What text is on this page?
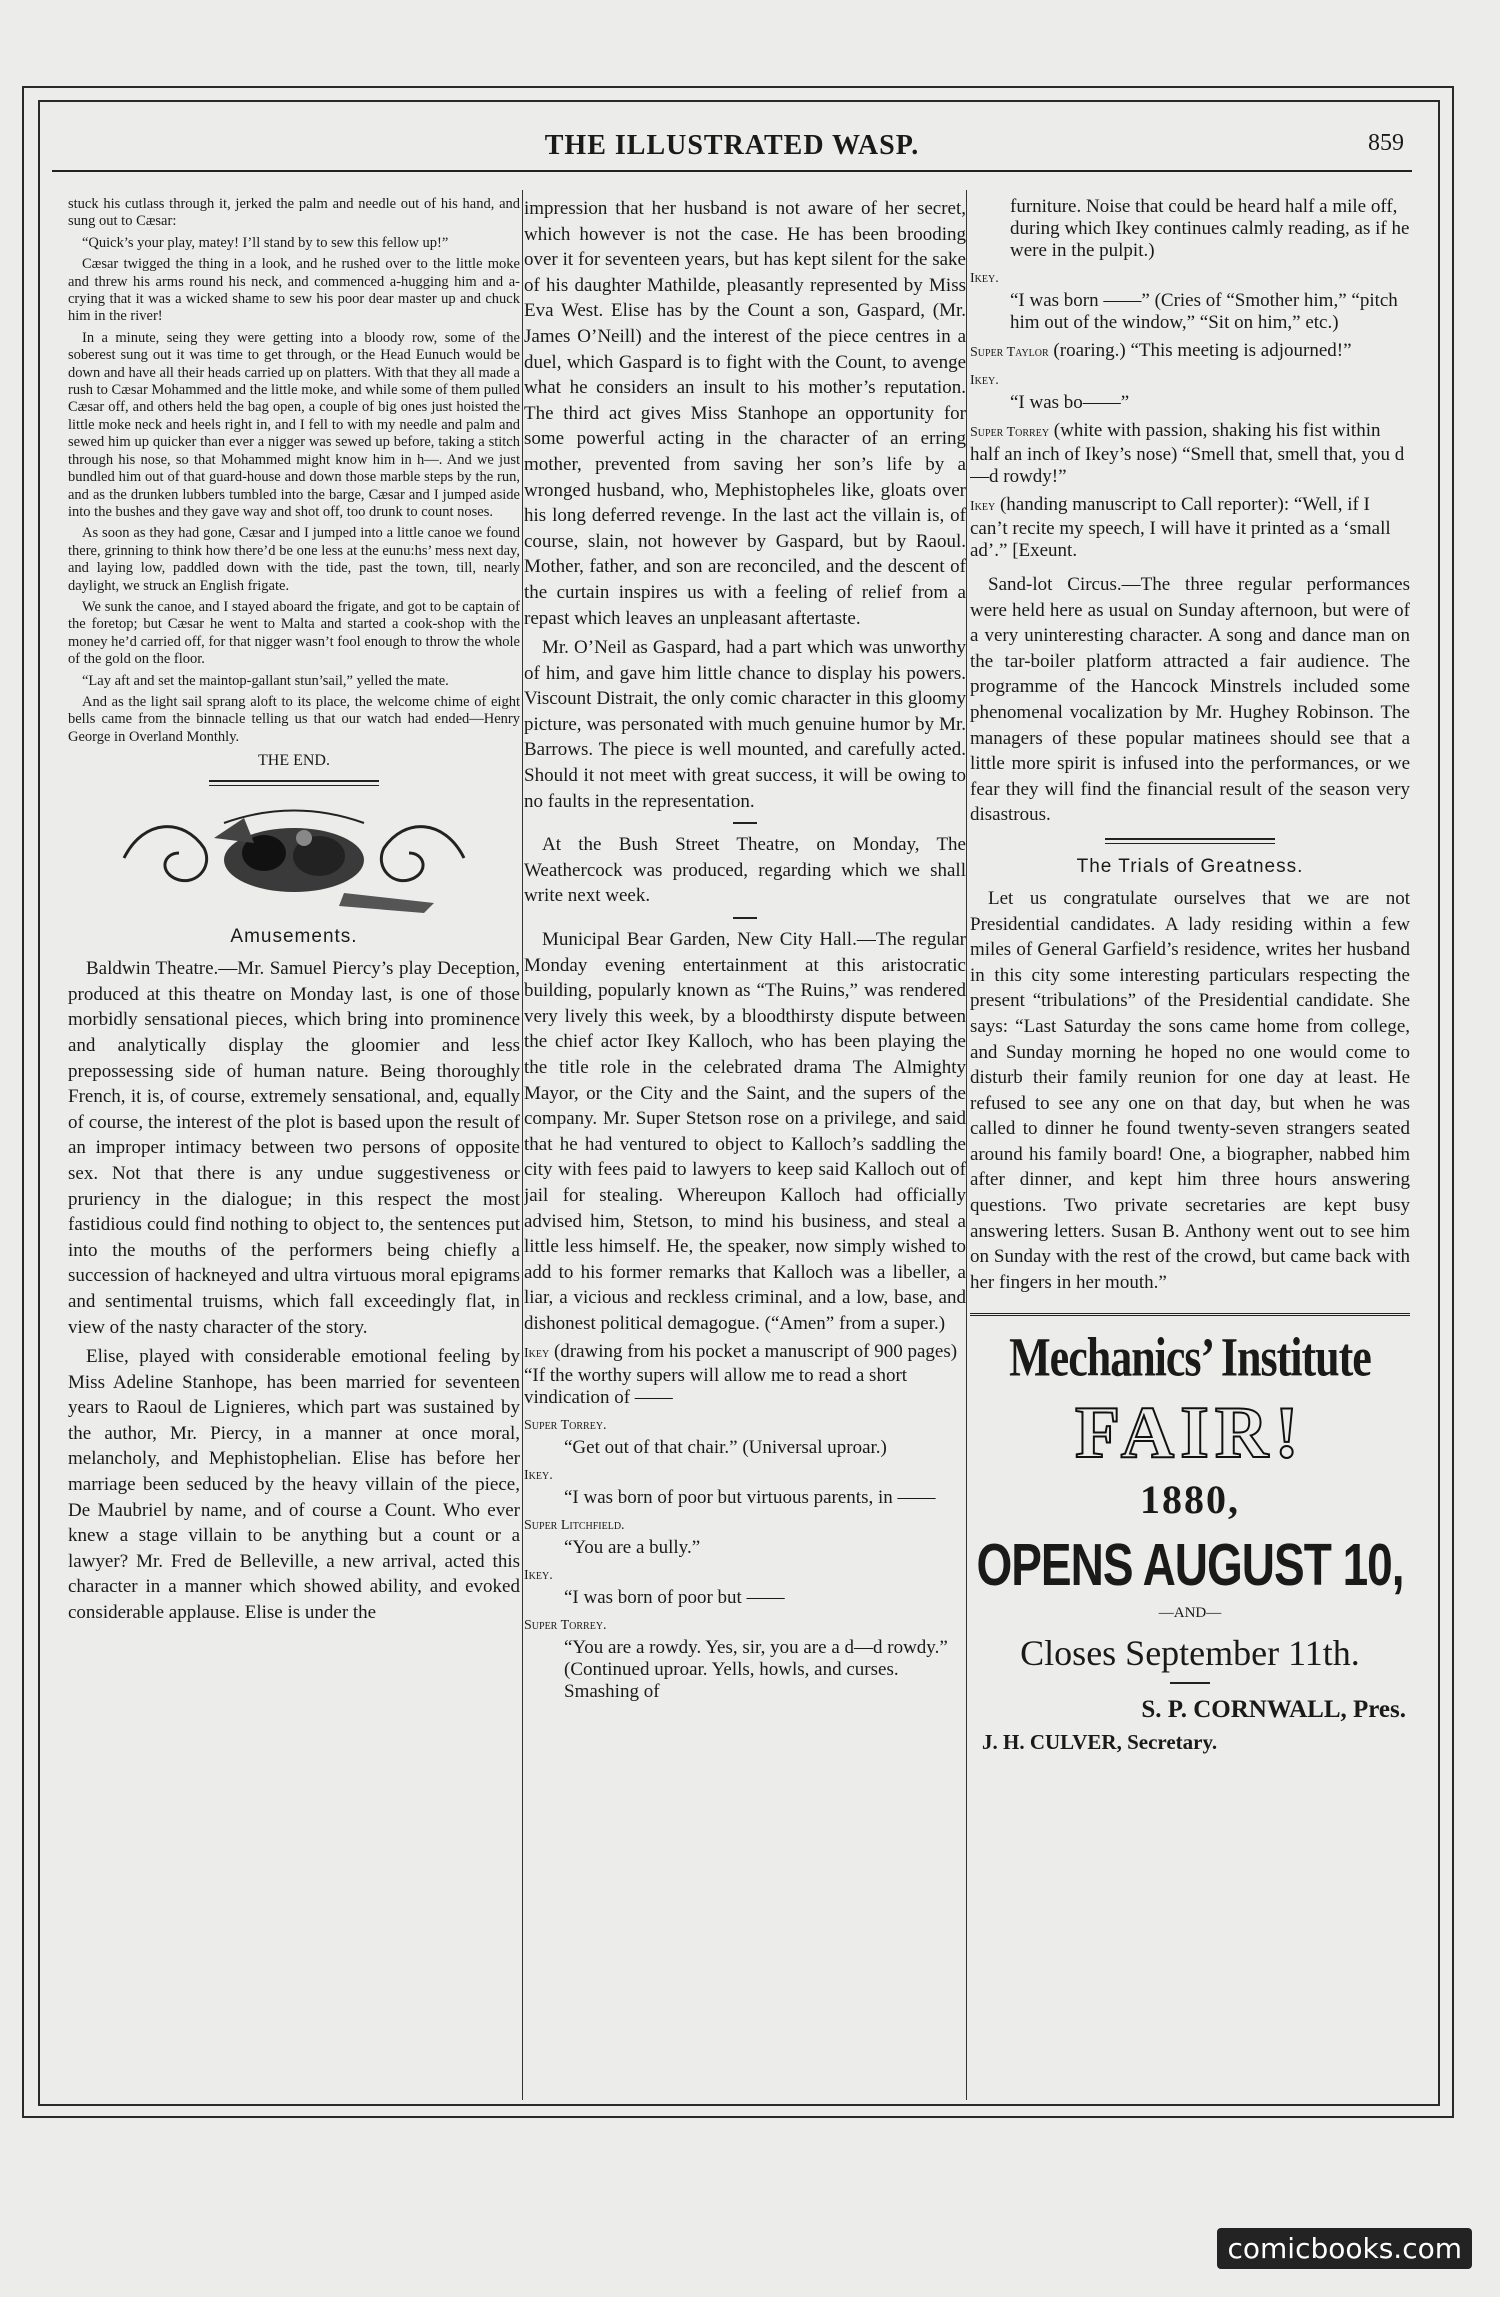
THE ILLUSTRATED WASP.	859

stuck his cutlass through it, jerked the palm and needle out of his hand, and sung out to Cæsar:

“Quick’s your play, matey! I’ll stand by to sew this fellow up!”

Cæsar twigged the thing in a look, and he rushed over to the little moke and threw his arms round his neck, and commenced a-hugging him and a-crying that it was a wicked shame to sew his poor dear master up and chuck him in the river!

In a minute, seing they were getting into a bloody row, some of the soberest sung out it was time to get through, or the Head Eunuch would be down and have all their heads carried up on platters. With that they all made a rush to Cæsar Mohammed and the little moke, and while some of them pulled Cæsar off, and others held the bag open, a couple of big ones just hoisted the little moke neck and heels right in, and I fell to with my needle and palm and sewed him up quicker than ever a nigger was sewed up before, taking a stitch through his nose, so that Mohammed might know him in h—. And we just bundled him out of that guard-house and down those marble steps by the run, and as the drunken lubbers tumbled into the barge, Cæsar and I jumped aside into the bushes and they gave way and shot off, too drunk to count noses.

As soon as they had gone, Cæsar and I jumped into a little canoe we found there, grinning to think how there’d be one less at the eunu:hs’ mess next day, and laying low, paddled down with the tide, past the town, till, nearly daylight, we struck an English frigate.

We sunk the canoe, and I stayed aboard the frigate, and got to be captain of the foretop; but Cæsar he went to Malta and started a cook-shop with the money he’d carried off, for that nigger wasn’t fool enough to throw the whole of the gold on the floor.

“Lay aft and set the maintop-gallant stun’sail,” yelled the mate.

And as the light sail sprang aloft to its place, the welcome chime of eight bells came from the binnacle telling us that our watch had ended—Henry George in Overland Monthly.

THE END.
Amusements.

Baldwin Theatre.—Mr. Samuel Piercy’s play Deception, produced at this theatre on Monday last, is one of those morbidly sensational pieces, which bring into prominence and analytically display the gloomier and less prepossessing side of human nature. Being thoroughly French, it is, of course, extremely sensational, and, equally of course, the interest of the plot is based upon the result of an improper intimacy between two persons of opposite sex. Not that there is any undue suggestiveness or pruriency in the dialogue; in this respect the most fastidious could find nothing to object to, the sentences put into the mouths of the performers being chiefly a succession of hackneyed and ultra virtuous moral epigrams and sentimental truisms, which fall exceedingly flat, in view of the nasty character of the story.

Elise, played with considerable emotional feeling by Miss Adeline Stanhope, has been married for seventeen years to Raoul de Lignieres, which part was sustained by the author, Mr. Piercy, in a manner at once moral, melancholy, and Mephistophelian. Elise has before her marriage been seduced by the heavy villain of the piece, De Maubriel by name, and of course a Count. Who ever knew a stage villain to be anything but a count or a lawyer? Mr. Fred de Belleville, a new arrival, acted this character in a manner which showed ability, and evoked considerable applause. Elise is under the

impression that her husband is not aware of her secret, which however is not the case. He has been brooding over it for seventeen years, but has kept silent for the sake of his daughter Mathilde, pleasantly represented by Miss Eva West. Elise has by the Count a son, Gaspard, (Mr. James O’Neill) and the interest of the piece centres in a duel, which Gaspard is to fight with the Count, to avenge what he considers an insult to his mother’s reputation. The third act gives Miss Stanhope an opportunity for some powerful acting in the character of an erring mother, prevented from saving her son’s life by a wronged husband, who, Mephistopheles like, gloats over his long deferred revenge. In the last act the villain is, of course, slain, not however by Gaspard, but by Raoul. Mother, father, and son are reconciled, and the descent of the curtain inspires us with a feeling of relief from a repast which leaves an unpleasant aftertaste.

Mr. O’Neil as Gaspard, had a part which was unworthy of him, and gave him little chance to display his powers. Viscount Distrait, the only comic character in this gloomy picture, was personated with much genuine humor by Mr. Barrows. The piece is well mounted, and carefully acted. Should it not meet with great success, it will be owing to no faults in the representation.

At the Bush Street Theatre, on Monday, The Weathercock was produced, regarding which we shall write next week.

Municipal Bear Garden, New City Hall.—The regular Monday evening entertainment at this aristocratic building, popularly known as “The Ruins,” was rendered very lively this week, by a bloodthirsty dispute between the chief actor Ikey Kalloch, who has been playing the the title role in the celebrated drama The Almighty Mayor, or the City and the Saint, and the supers of the company. Mr. Super Stetson rose on a privilege, and said that he had ventured to object to Kalloch’s saddling the city with fees paid to lawyers to keep said Kalloch out of jail for stealing. Whereupon Kalloch had officially advised him, Stetson, to mind his business, and steal a little less himself. He, the speaker, now simply wished to add to his former remarks that Kalloch was a libeller, a liar, a vicious and reckless criminal, and a low, base, and dishonest political demagogue. (“Amen” from a super.)

Ikey (drawing from his pocket a manuscript of 900 pages) “If the worthy supers will allow me to read a short vindication of ——
Super Torrey.
“Get out of that chair.” (Universal uproar.)
Ikey.
“I was born of poor but virtuous parents, in ——
Super Litchfield.
“You are a bully.”
Ikey.
“I was born of poor but ——
Super Torrey.
“You are a rowdy. Yes, sir, you are a d—d rowdy.” (Continued uproar. Yells, howls, and curses. Smashing of
furniture. Noise that could be heard half a mile off, during which Ikey continues calmly reading, as if he were in the pulpit.)
Ikey.
“I was born ——” (Cries of “Smother him,” “pitch him out of the window,” “Sit on him,” etc.)
Super Taylor (roaring.) “This meeting is adjourned!”
Ikey.
“I was bo——”
Super Torrey (white with passion, shaking his fist within half an inch of Ikey’s nose) “Smell that, smell that, you d—d rowdy!”
Ikey (handing manuscript to Call reporter): “Well, if I can’t recite my speech, I will have it printed as a ‘small ad’.” [Exeunt.

Sand-lot Circus.—The three regular performances were held here as usual on Sunday afternoon, but were of a very uninteresting character. A song and dance man on the tar-boiler platform attracted a fair audience. The programme of the Hancock Minstrels included some phenomenal vocalization by Mr. Hughey Robinson. The managers of these popular matinees should see that a little more spirit is infused into the performances, or we fear they will find the financial result of the season very disastrous.

The Trials of Greatness.

Let us congratulate ourselves that we are not Presidential candidates. A lady residing within a few miles of General Garfield’s residence, writes her husband in this city some interesting particulars respecting the present “tribulations” of the Presidential candidate. She says: “Last Saturday the sons came home from college, and Sunday morning he hoped no one would come to disturb their family reunion for one day at least. He refused to see any one on that day, but when he was called to dinner he found twenty-seven strangers seated around his family board! One, a biographer, nabbed him after dinner, and kept him three hours answering questions. Two private secretaries are kept busy answering letters. Susan B. Anthony went out to see him on Sunday with the rest of the crowd, but came back with her fingers in her mouth.”

Mechanics’ Institute
FAIR!
1880,
OPENS AUGUST 10,
—AND—
Closes September 11th.
S. P. CORNWALL, Pres.
J. H. CULVER, Secretary.
comicbooks.com
